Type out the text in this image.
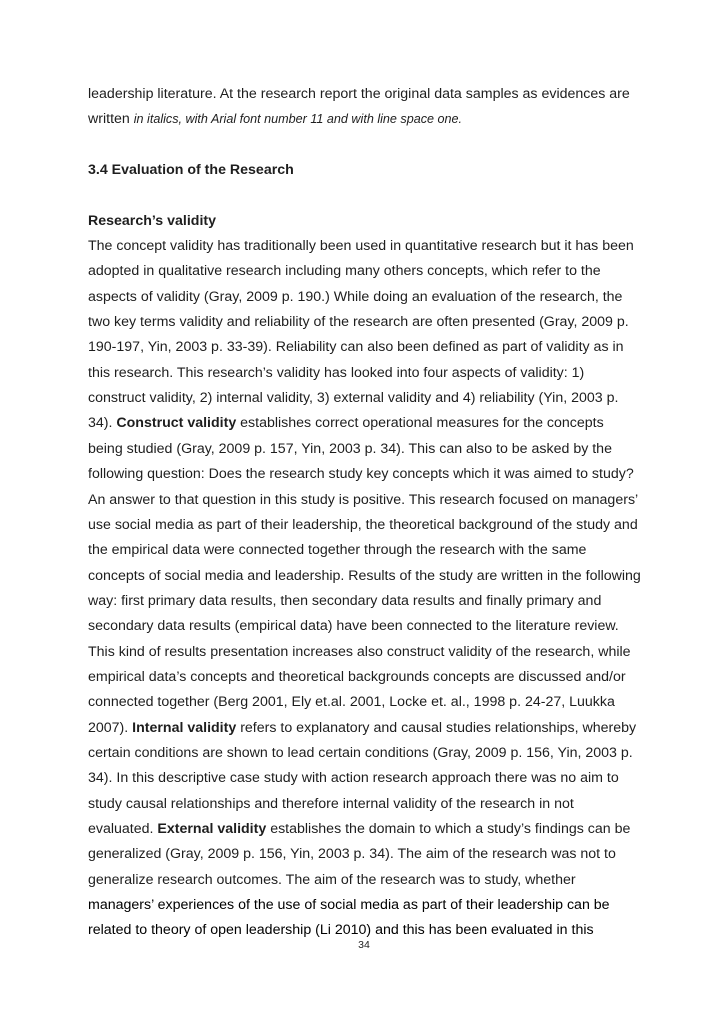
leadership literature. At the research report the original data samples as evidences are
written in italics, with Arial font number 11 and with line space one.
3.4 Evaluation of the Research
Research’s validity
The concept validity has traditionally been used in quantitative research but it has been
adopted in qualitative research including many others concepts, which refer to the
aspects of validity (Gray, 2009 p. 190.) While doing an evaluation of the research, the
two key terms validity and reliability of the research are often presented (Gray, 2009 p.
190-197, Yin, 2003 p. 33-39). Reliability can also been defined as part of validity as in
this research. This research’s validity has looked into four aspects of validity: 1)
construct validity, 2) internal validity, 3) external validity and 4) reliability (Yin, 2003 p.
34). Construct validity establishes correct operational measures for the concepts
being studied (Gray, 2009 p. 157, Yin, 2003 p. 34). This can also to be asked by the
following question: Does the research study key concepts which it was aimed to study?
An answer to that question in this study is positive. This research focused on managers’
use social media as part of their leadership, the theoretical background of the study and
the empirical data were connected together through the research with the same
concepts of social media and leadership. Results of the study are written in the following
way: first primary data results, then secondary data results and finally primary and
secondary data results (empirical data) have been connected to the literature review.
This kind of results presentation increases also construct validity of the research, while
empirical data’s concepts and theoretical backgrounds concepts are discussed and/or
connected together (Berg 2001, Ely et.al. 2001, Locke et. al., 1998 p. 24-27, Luukka
2007). Internal validity refers to explanatory and causal studies relationships, whereby
certain conditions are shown to lead certain conditions (Gray, 2009 p. 156, Yin, 2003 p.
34). In this descriptive case study with action research approach there was no aim to
study causal relationships and therefore internal validity of the research in not
evaluated. External validity establishes the domain to which a study’s findings can be
generalized (Gray, 2009 p. 156, Yin, 2003 p. 34). The aim of the research was not to
generalize research outcomes. The aim of the research was to study, whether
managers’ experiences of the use of social media as part of their leadership can be
related to theory of open leadership (Li 2010) and this has been evaluated in this
34
